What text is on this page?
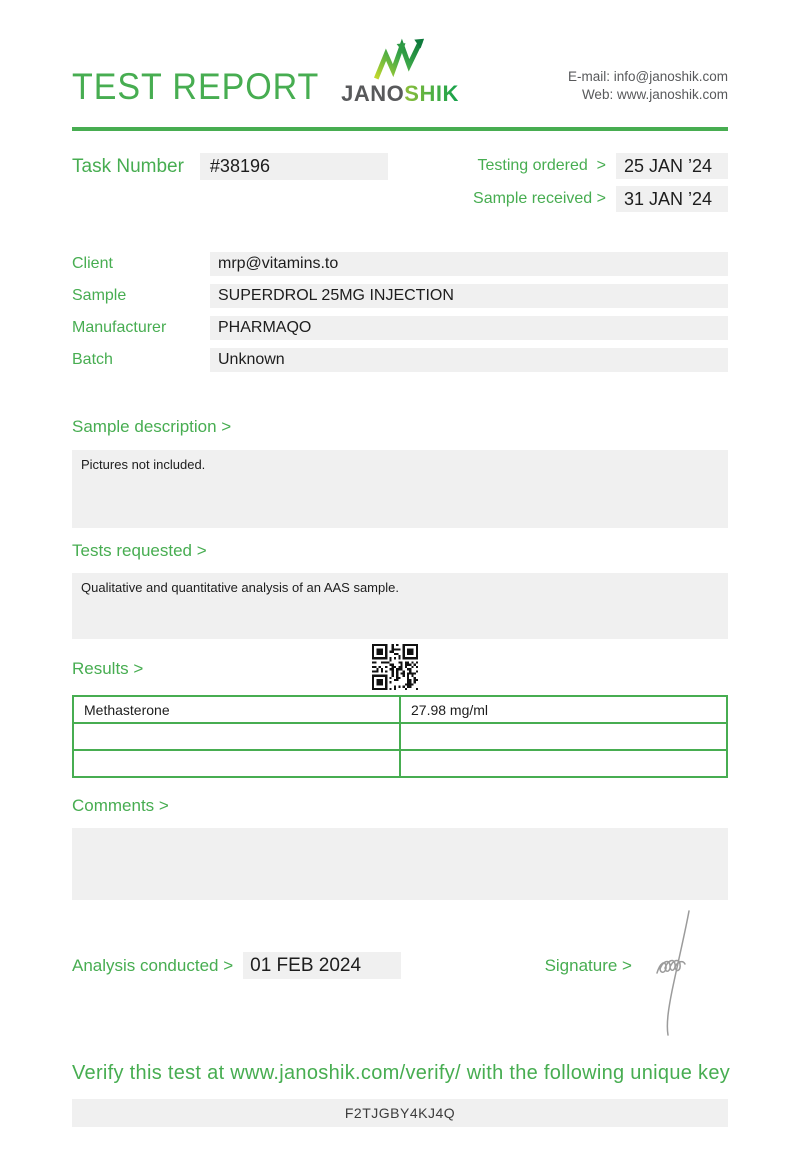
TEST REPORT JANOSHIK
E-mail: info@janoshik.com
Web: www.janoshik.com
Task Number	#38196	Testing ordered  >	25 JAN ’24
Sample received >	31 JAN ’24
Client	mrp@vitamins.to
Sample	SUPERDROL 25MG INJECTION
Manufacturer	PHARMAQO
Batch	Unknown
Sample description >
Pictures not included.
Tests requested >
Qualitative and quantitative analysis of an AAS sample.
Results >
Methasterone	27.98 mg/ml

Comments >
Analysis conducted > 01 FEB 2024	Signature >
Verify this test at www.janoshik.com/verify/ with the following unique key
F2TJGBY4KJ4Q
